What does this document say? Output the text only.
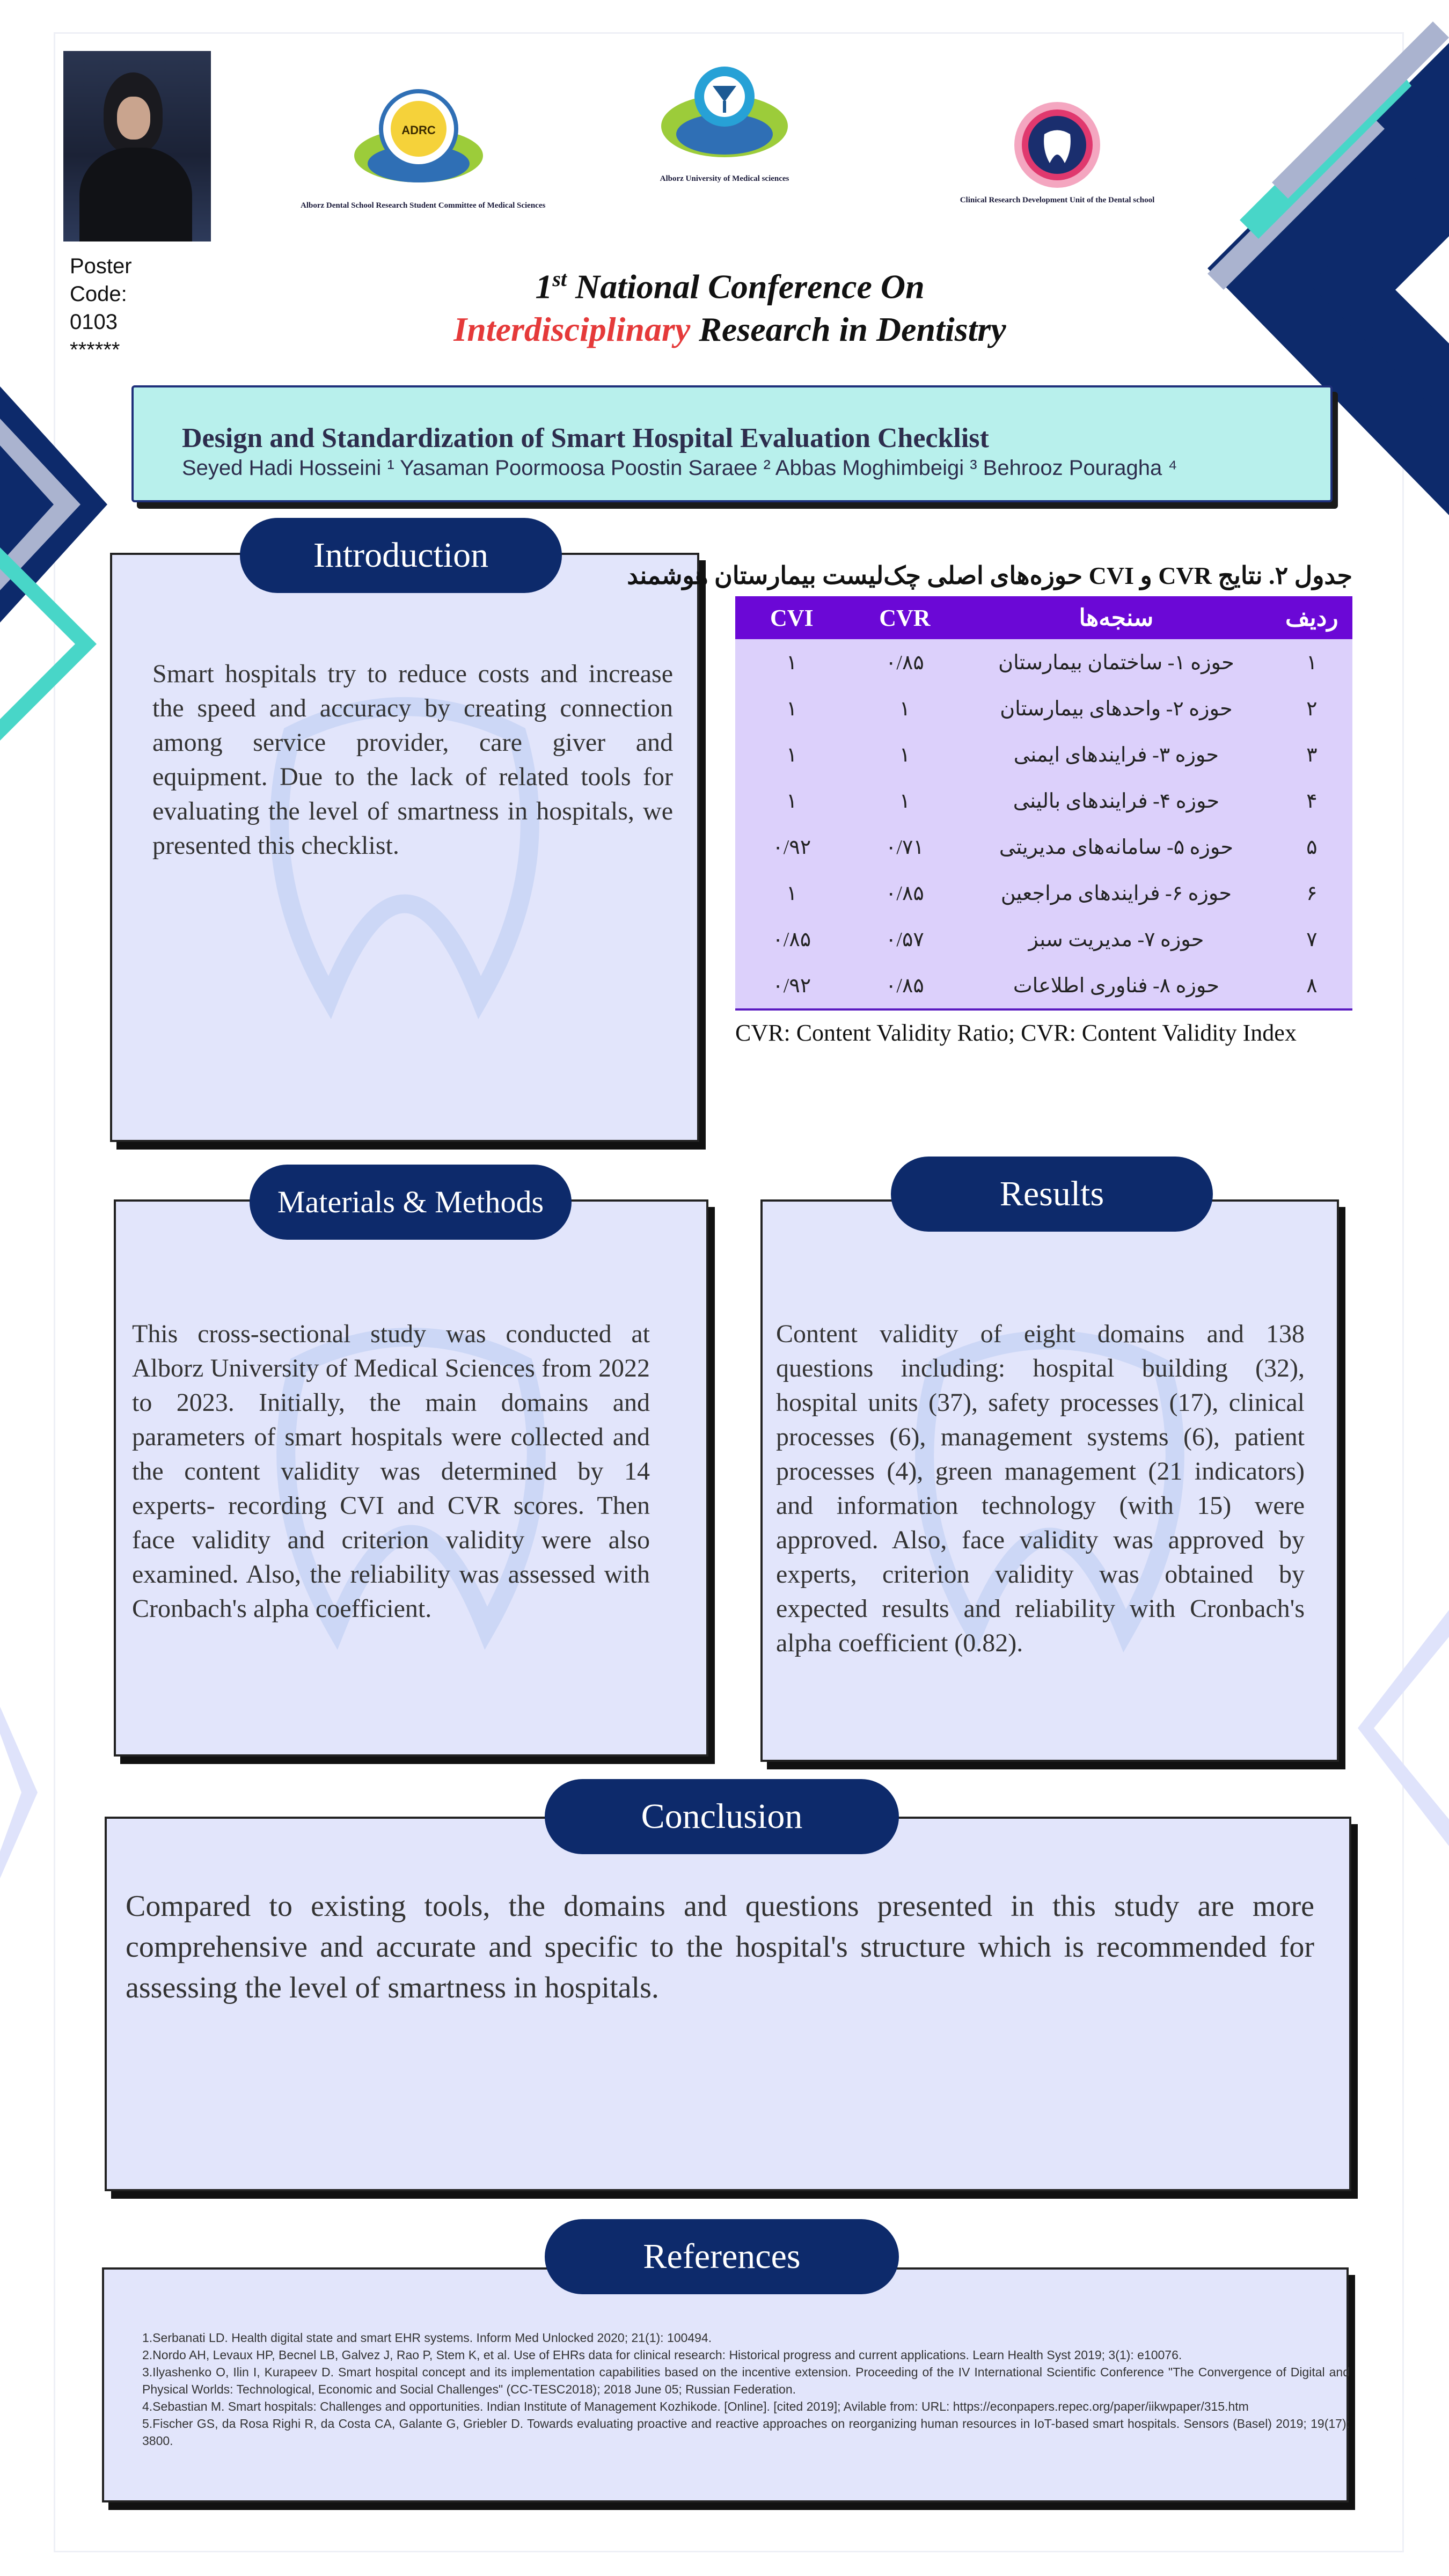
Poster
Code:
0103
******
ADRC
Alborz Dental School Research Student Committee of Medical Sciences
Alborz University of Medical sciences
Clinical Research Development Unit of the Dental school
1st National Conference On
Interdisciplinary Research in Dentistry
Design and Standardization of Smart Hospital Evaluation Checklist
Seyed Hadi Hosseini ¹ Yasaman Poormoosa Poostin Saraee ² Abbas Moghimbeigi ³ Behrooz Pouragha ⁴
Smart hospitals try to reduce costs and increase the speed and accuracy by creating connection among service provider, care giver and equipment. Due to the lack of related tools for evaluating the level of smartness in hospitals, we presented this checklist.
Introduction
جدول ۲. نتایج CVR و CVI حوزه‌های اصلی چک‌لیست بیمارستان هوشمند
ردیف	سنجه‌ها	CVR	CVI
۱	حوزه ۱- ساختمان بیمارستان	۰/۸۵	۱
۲	حوزه ۲- واحدهای بیمارستان	۱	۱
۳	حوزه ۳- فرایندهای ایمنی	۱	۱
۴	حوزه ۴- فرایندهای بالینی	۱	۱
۵	حوزه ۵- سامانه‌های مدیریتی	۰/۷۱	۰/۹۲
۶	حوزه ۶- فرایندهای مراجعین	۰/۸۵	۱
۷	حوزه ۷- مدیریت سبز	۰/۵۷	۰/۸۵
۸	حوزه ۸- فناوری اطلاعات	۰/۸۵	۰/۹۲
CVR: Content Validity Ratio; CVR: Content Validity Index
This cross-sectional study was conducted at Alborz University of Medical Sciences from 2022 to 2023. Initially, the main domains and parameters of smart hospitals were collected and the content validity was determined by 14 experts- recording CVI and CVR scores. Then face validity and criterion validity were also examined. Also, the reliability was assessed with Cronbach's alpha coefficient.
Materials & Methods
Content validity of eight domains and 138 questions including: hospital building (32), hospital units (37), safety processes (17), clinical processes (6), management systems (6), patient processes (4), green management (21 indicators) and information technology (with 15) were approved. Also, face validity was approved by experts, criterion validity was obtained by expected results and reliability with Cronbach's alpha coefficient (0.82).
Results
Compared to existing tools, the domains and questions presented in this study are more comprehensive and accurate and specific to the hospital's structure which is recommended for assessing the level of smartness in hospitals.
Conclusion
References
1.Serbanati LD. Health digital state and smart EHR systems. Inform Med Unlocked 2020; 21(1): 100494.
2.Nordo AH, Levaux HP, Becnel LB, Galvez J, Rao P, Stem K, et al. Use of EHRs data for clinical research: Historical progress and current applications. Learn Health Syst 2019; 3(1): e10076.
3.Ilyashenko O, Ilin I, Kurapeev D. Smart hospital concept and its implementation capabilities based on the incentive extension. Proceeding of the IV International Scientific Conference "The Convergence of Digital and Physical Worlds: Technological, Economic and Social Challenges" (CC-TESC2018); 2018 June 05; Russian Federation.
4.Sebastian M. Smart hospitals: Challenges and opportunities. Indian Institute of Management Kozhikode. [Online]. [cited 2019]; Avilable from: URL: https://econpapers.repec.org/paper/iikwpaper/315.htm
5.Fischer GS, da Rosa Righi R, da Costa CA, Galante G, Griebler D. Towards evaluating proactive and reactive approaches on reorganizing human resources in IoT-based smart hospitals. Sensors (Basel) 2019; 19(17): 3800.
